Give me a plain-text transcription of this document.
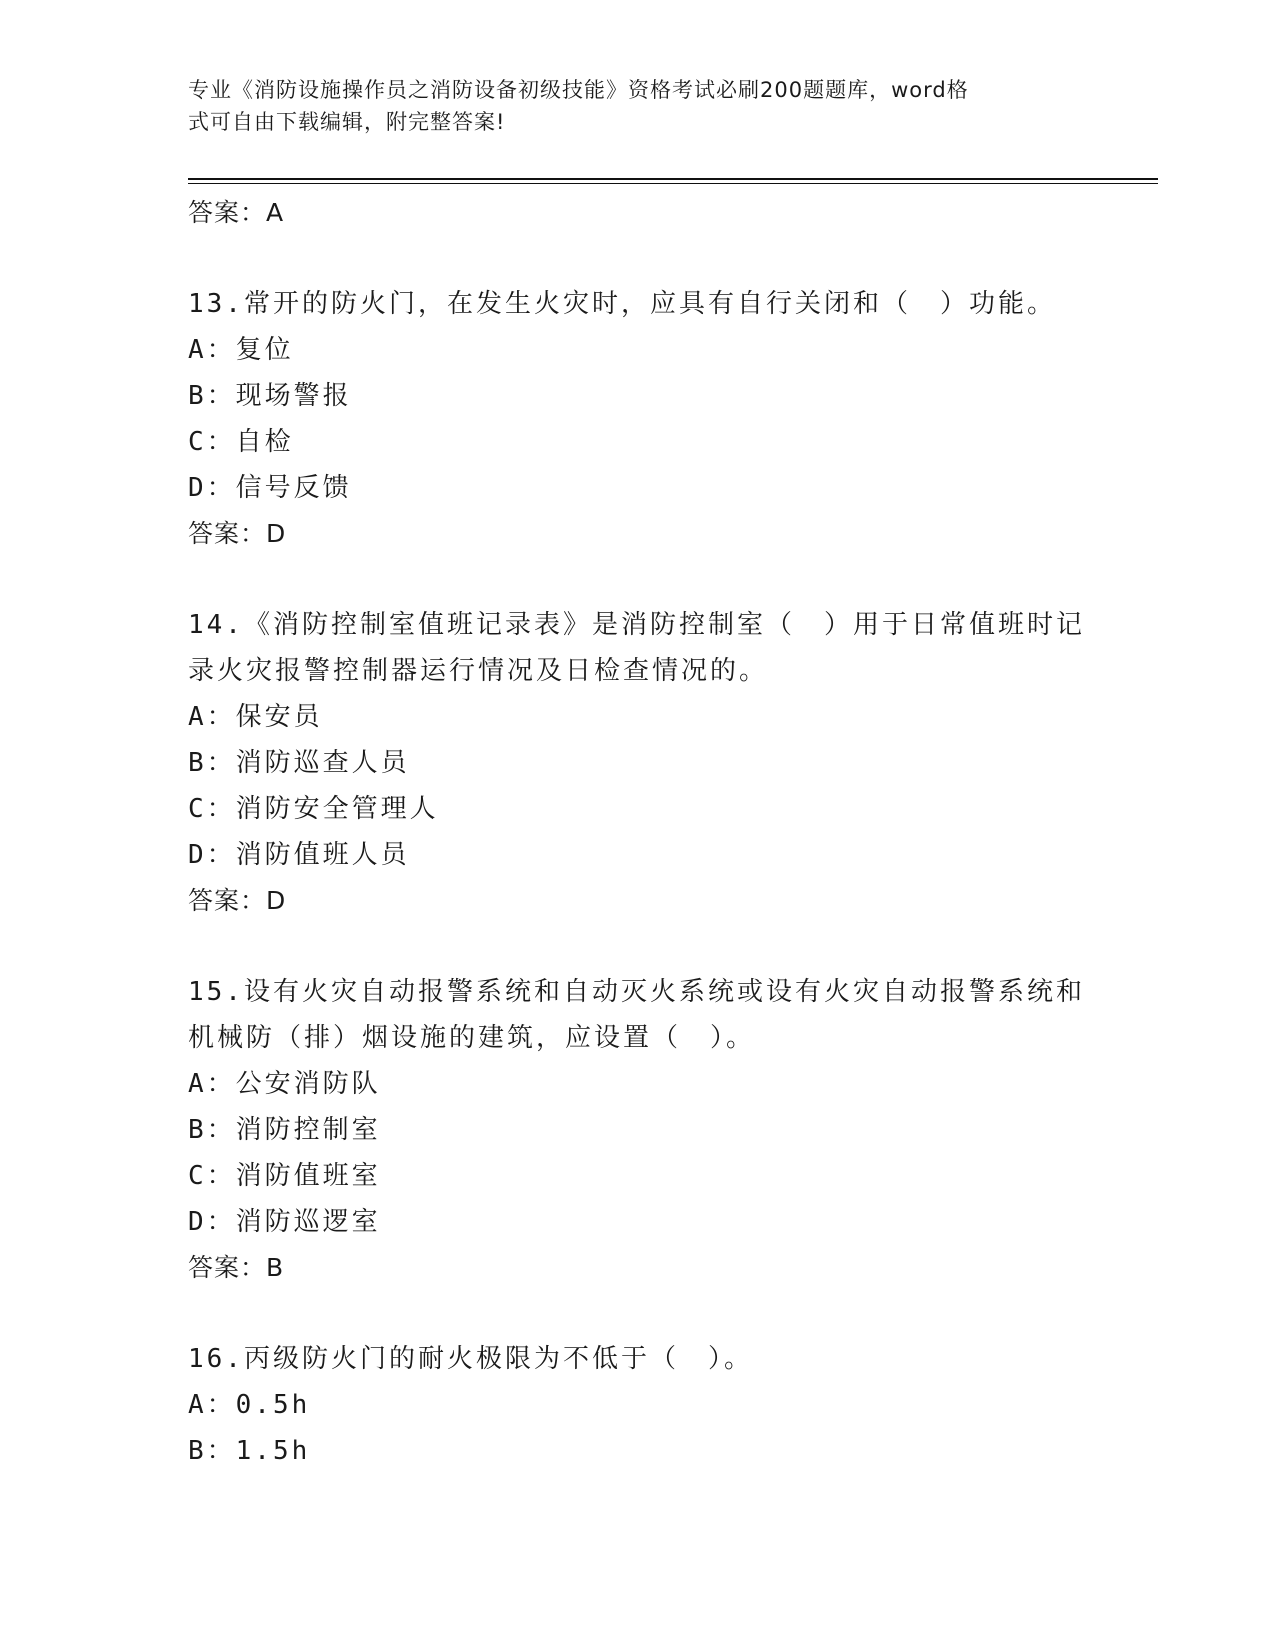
专业《消防设施操作员之消防设备初级技能》资格考试必刷200题题库，word格
式可自由下载编辑，附完整答案!
答案：A
13.常开的防火门，在发生火灾时，应具有自行关闭和（　）功能。
A：复位
B：现场警报
C：自检
D：信号反馈
答案：D
14.《消防控制室值班记录表》是消防控制室（　）用于日常值班时记
录火灾报警控制器运行情况及日检查情况的。
A：保安员
B：消防巡查人员
C：消防安全管理人
D：消防值班人员
答案：D
15.设有火灾自动报警系统和自动灭火系统或设有火灾自动报警系统和
机械防（排）烟设施的建筑，应设置（　）。
A：公安消防队
B：消防控制室
C：消防值班室
D：消防巡逻室
答案：B
16.丙级防火门的耐火极限为不低于（　）。
A：0.5h
B：1.5h
